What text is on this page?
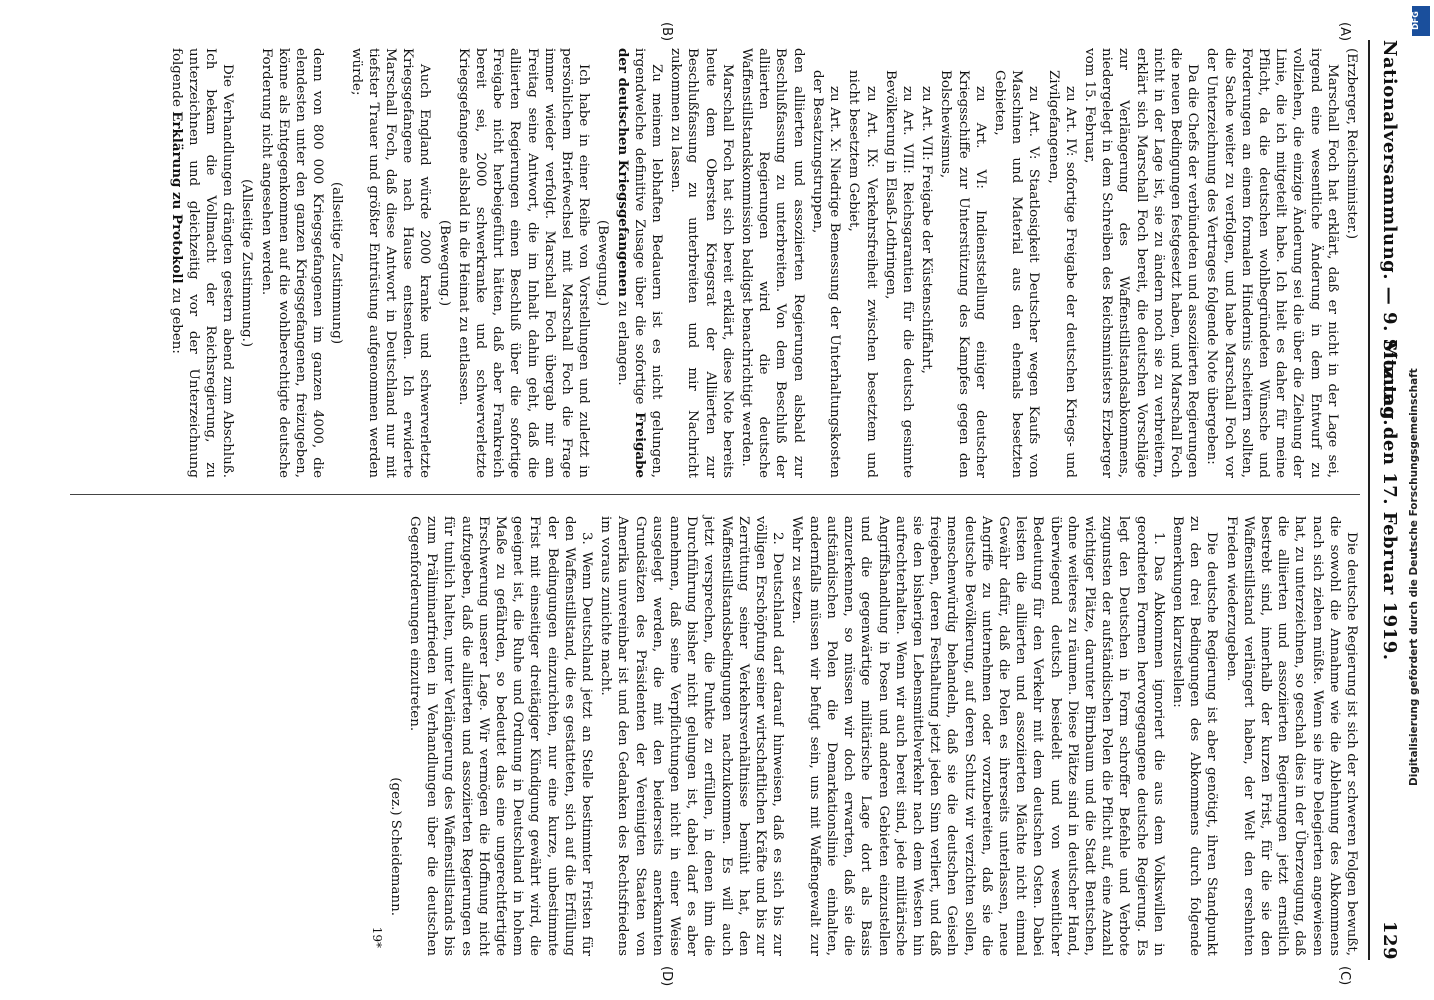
Nationalversammlung. — 9. Sitzung.
Montag den 17. Februar 1919.
129
(A)
(B)
(C)
(D)

(Erzberger, Reichsminister.)

Marschall Foch hat erklärt, daß er nicht in der Lage sei, irgend eine wesentliche Änderung in dem Entwurf zu vollziehen, die einzige Änderung sei die über die Ziehung der Linie, die ich mitgeteilt habe. Ich hielt es daher für meine Pflicht, da die deutschen wohlbegründeten Wünsche und Forderungen an einem formalen Hindernis scheitern sollten, die Sache weiter zu verfolgen, und habe Marschall Foch vor der Unterzeichnung des Vertrages folgende Note übergeben:

Da die Chefs der verbündeten und assoziierten Regierungen die neuen Bedingungen festgesetzt haben, und Marschall Foch nicht in der Lage ist, sie zu ändern noch sie zu verbreitern, erklärt sich Marschall Foch bereit, die deutschen Vorschläge zur Verlängerung des Waffenstillstandsabkommens, niedergelegt in dem Schreiben des Reichsministers Erzberger vom 15. Februar,

zu Art. IV: sofortige Freigabe der deutschen Kriegs- und Zivilgefangenen,

zu Art. V: Staatlosigkeit Deutscher wegen Kaufs von Maschinen und Material aus den ehemals besetzten Gebieten,

zu Art. VI: Indienststellung einiger deutscher Kriegsschiffe zur Unterstützung des Kampfes gegen den Bolschewismus,

zu Art. VII: Freigabe der Küstenschiffahrt,

zu Art. VIII: Reichsgarantien für die deutsch gesinnte Bevölkerung in Elsaß-Lothringen,

zu Art. IX: Verkehrsfreiheit zwischen besetztem und nicht besetztem Gebiet,

zu Art. X: Niedrige Bemessung der Unterhaltungskosten der Besatzungstruppen,

den alliierten und assoziierten Regierungen alsbald zur Beschlußfassung zu unterbreiten. Von dem Beschluß der alliierten Regierungen wird die deutsche Waffenstillstandskommission baldigst benachrichtigt werden.

Marschall Foch hat sich bereit erklärt, diese Note bereits heute dem Obersten Kriegsrat der Alliierten zur Beschlußfassung zu unterbreiten und mir Nachricht zukommen zu lassen.

Zu meinem lebhaften Bedauern ist es nicht gelungen, irgendwelche definitive Zusage über die sofortige Freigabe der deutschen Kriegsgefangenen zu erlangen.

(Bewegung.)

Ich habe in einer Reihe von Vorstellungen und zuletzt in persönlichem Briefwechsel mit Marschall Foch die Frage immer wieder verfolgt. Marschall Foch übergab mir am Freitag seine Antwort, die im Inhalt dahin geht, daß die alliierten Regierungen einen Beschluß über die sofortige Freigabe nicht herbeigeführt hätten, daß aber Frankreich bereit sei, 2000 schwerkranke und schwerverletzte Kriegsgefangene alsbald in die Heimat zu entlassen.

(Bewegung.)

Auch England würde 2000 kranke und schwerverletzte Kriegsgefangene nach Hause entsenden. Ich erwiderte Marschall Foch, daß diese Antwort in Deutschland nur mit tiefster Trauer und größter Entrüstung aufgenommen werden würde;

(allseitige Zustimmung)

denn von 800 000 Kriegsgefangenen im ganzen 4000, die elendesten unter den ganzen Kriegsgefangenen, freizugeben, könne als Entgegenkommen auf die wohlberechtigte deutsche Forderung nicht angesehen werden.

(Allseitige Zustimmung.)

Die Verhandlungen drängten gestern abend zum Abschluß. Ich bekam die Vollmacht der Reichsregierung, zu unterzeichnen und gleichzeitig vor der Unterzeichnung folgende Erklärung zu Protokoll zu geben:

Die deutsche Regierung ist sich der schweren Folgen bewußt, die sowohl die Annahme wie die Ablehnung des Abkommens nach sich ziehen müßte. Wenn sie ihre Delegierten angewiesen hat, zu unterzeichnen, so geschah dies in der Überzeugung, daß die alliierten und assoziierten Regierungen jetzt ernstlich bestrebt sind, innerhalb der kurzen Frist, für die sie den Waffenstillstand verlängert haben, der Welt den ersehnten Frieden wiederzugeben.

Die deutsche Regierung ist aber genötigt, ihren Standpunkt zu den drei Bedingungen des Abkommens durch folgende Bemerkungen klarzustellen:

1. Das Abkommen ignoriert die aus dem Volkswillen in geordneten Formen hervorgegangene deutsche Regierung. Es legt den Deutschen in Form schroffer Befehle und Verbote zugunsten der aufständischen Polen die Pflicht auf, eine Anzahl wichtiger Plätze, darunter Birnbaum und die Stadt Bentschen, ohne weiteres zu räumen. Diese Plätze sind in deutscher Hand, überwiegend deutsch besiedelt und von wesentlicher Bedeutung für den Verkehr mit dem deutschen Osten. Dabei leisten die alliierten und assoziierten Mächte nicht einmal Gewähr dafür, daß die Polen es ihrerseits unterlassen, neue Angriffe zu unternehmen oder vorzubereiten, daß sie die deutsche Bevölkerung, auf deren Schutz wir verzichten sollen, menschenwürdig behandeln, daß sie die deutschen Geiseln freigeben, deren Festhaltung jetzt jeden Sinn verliert, und daß sie den bisherigen Lebensmittelverkehr nach dem Westen hin aufrechterhalten. Wenn wir auch bereit sind, jede militärische Angriffshandlung in Posen und anderen Gebieten einzustellen und die gegenwärtige militärische Lage dort als Basis anzuerkennen, so müssen wir doch erwarten, daß sie die aufständischen Polen die Demarkationslinie einhalten, andernfalls müssen wir befugt sein, uns mit Waffengewalt zur Wehr zu setzen.

2. Deutschland darf darauf hinweisen, daß es sich bis zur völligen Erschöpfung seiner wirtschaftlichen Kräfte und bis zur Zerrüttung seiner Verkehrsverhältnisse bemüht hat, den Waffenstillstandsbedingungen nachzukommen. Es will auch jetzt versprechen, die Punkte zu erfüllen, in denen ihm die Durchführung bisher nicht gelungen ist, dabei darf es aber annehmen, daß seine Verpflichtungen nicht in einer Weise ausgelegt werden, die mit den beiderseits anerkannten Grundsätzen des Präsidenten der Vereinigten Staaten von Amerika unvereinbar ist und den Gedanken des Rechtsfriedens im voraus zunichte macht.

3. Wenn Deutschland jetzt an Stelle bestimmter Fristen für den Waffenstillstand, die es gestatteten, sich auf die Erfüllung der Bedingungen einzurichten, nur eine kurze, unbestimmte Frist mit einseitiger dreitägiger Kündigung gewährt wird, die geeignet ist, die Ruhe und Ordnung in Deutschland in hohem Maße zu gefährden, so bedeutet das eine ungerechtfertigte Erschwerung unserer Lage. Wir vermögen die Hoffnung nicht aufzugeben, daß die alliierten und assoziierten Regierungen es für tunlich halten, unter Verlängerung des Waffenstillstands bis zum Präliminarfrieden in Verhandlungen über die deutschen Gegenforderungen einzutreten.

(gez.) Scheidemann.

19*

DFG
Digitalisierung gefördert durch die Deutsche Forschungsgemeinschaft
